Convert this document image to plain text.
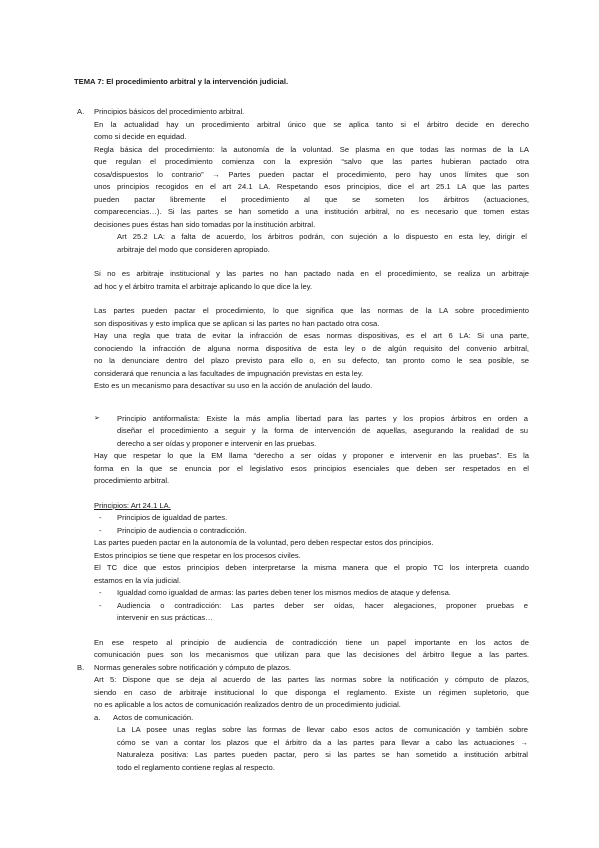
TEMA 7: El procedimiento arbitral y la intervención judicial.
A. Principios básicos del procedimiento arbitral.
En la actualidad hay un procedimiento arbitral único que se aplica tanto si el árbitro decide en derecho
como si decide en equidad.
Regla básica del procedimiento: la autonomía de la voluntad. Se plasma en que todas las normas de la LA
que regulan el procedimiento comienza con la expresión “salvo que las partes hubieran pactado otra
cosa/dispuestos lo contrario” → Partes pueden pactar el procedimiento, pero hay unos límites que son
unos principios recogidos en el art 24.1 LA. Respetando esos principios, dice el art 25.1 LA que las partes
pueden pactar libremente el procedimiento al que se someten los árbitros (actuaciones,
comparecencias…). Si las partes se han sometido a una institución arbitral, no es necesario que tomen estas
decisiones pues éstas han sido tomadas por la institución arbitral.
Art 25.2 LA: a falta de acuerdo, los árbitros podrán, con sujeción a lo dispuesto en esta ley, dirigir el
arbitraje del modo que consideren apropiado.
Si no es arbitraje institucional y las partes no han pactado nada en el procedimiento, se realiza un arbitraje
ad hoc y el árbitro tramita el arbitraje aplicando lo que dice la ley.
Las partes pueden pactar el procedimiento, lo que significa que las normas de la LA sobre procedimiento
son dispositivas y esto implica que se aplican si las partes no han pactado otra cosa.
Hay una regla que trata de evitar la infracción de esas normas dispositivas, es el art 6 LA: Si una parte,
conociendo la infracción de alguna norma dispositiva de esta ley o de algún requisito del convenio arbitral,
no la denunciare dentro del plazo previsto para ello o, en su defecto, tan pronto como le sea posible, se
considerará que renuncia a las facultades de impugnación previstas en esta ley.
Esto es un mecanismo para desactivar su uso en la acción de anulación del laudo.
➢ Principio antiformalista: Existe la más amplia libertad para las partes y los propios árbitros en orden a
diseñar el procedimiento a seguir y la forma de intervención de aquellas, asegurando la realidad de su
derecho a ser oídas y proponer e intervenir en las pruebas.
Hay que respetar lo que la EM llama “derecho a ser oídas y proponer e intervenir en las pruebas”. Es la
forma en la que se enuncia por el legislativo esos principios esenciales que deben ser respetados en el
procedimiento arbitral.
Principios: Art 24.1 LA.
- Principios de igualdad de partes.
- Principio de audiencia o contradicción.
Las partes pueden pactar en la autonomía de la voluntad, pero deben respectar estos dos principios.
Estos principios se tiene que respetar en los procesos civiles.
El TC dice que estos principios deben interpretarse la misma manera que el propio TC los interpreta cuando
estamos en la vía judicial.
- Igualdad como igualdad de armas: las partes deben tener los mismos medios de ataque y defensa.
- Audiencia o contradicción: Las partes deber ser oídas, hacer alegaciones, proponer pruebas e
intervenir en sus prácticas…
En ese respeto al principio de audiencia de contradicción tiene un papel importante en los actos de
comunicación pues son los mecanismos que utilizan para que las decisiones del árbitro llegue a las partes.
B. Normas generales sobre notificación y cómputo de plazos.
Art 5: Dispone que se deja al acuerdo de las partes las normas sobre la notificación y cómputo de plazos,
siendo en caso de arbitraje institucional lo que disponga el reglamento. Existe un régimen supletorio, que
no es aplicable a los actos de comunicación realizados dentro de un procedimiento judicial.
a. Actos de comunicación.
La LA posee unas reglas sobre las formas de llevar cabo esos actos de comunicación y también sobre
cómo se van a contar los plazos que el árbitro da a las partes para llevar a cabo las actuaciones →
Naturaleza positiva: Las partes pueden pactar, pero si las partes se han sometido a institución arbitral
todo el reglamento contiene reglas al respecto.
